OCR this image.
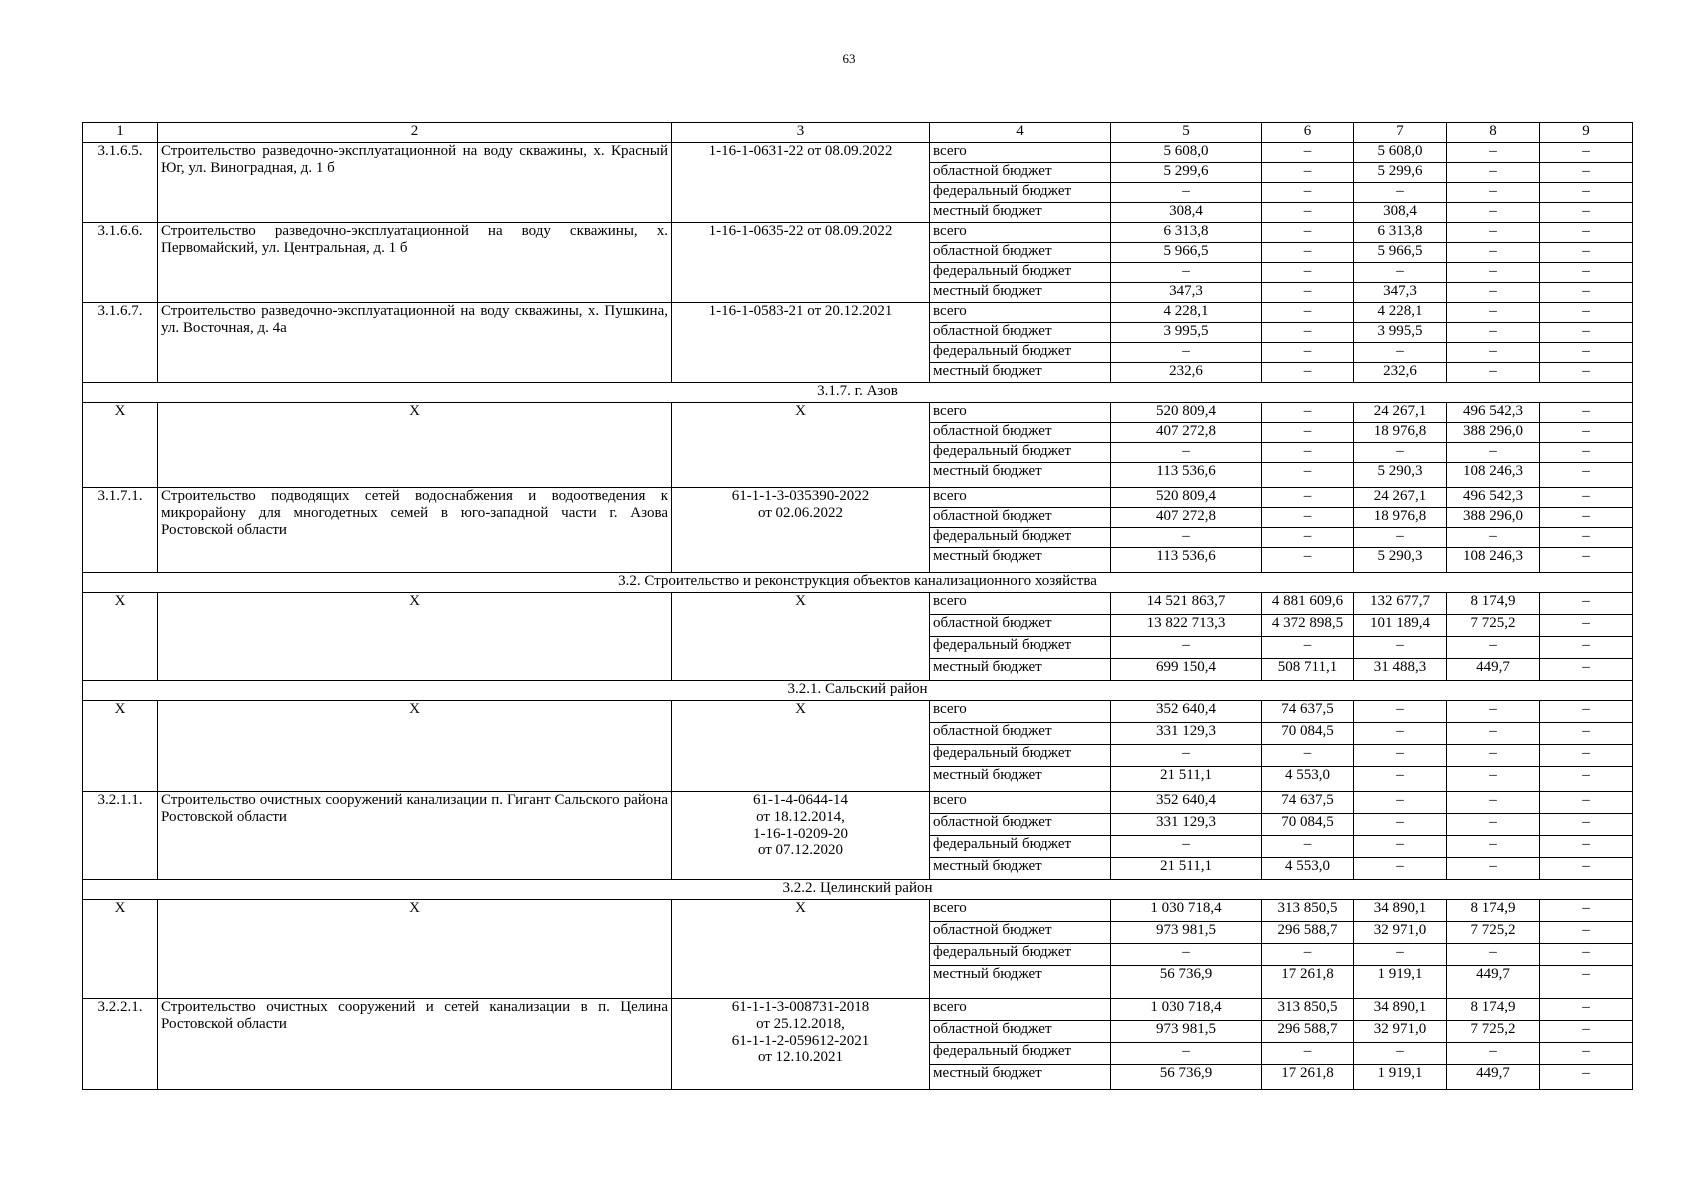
63
1	2	3	4	5	6	7	8	9
3.1.6.5.	Строительство разведочно-эксплуатационной на воду скважины, х. Красный Юг, ул. Виноградная, д. 1 б	1-16-1-0631-22 от 08.09.2022	всего	5 608,0	–	5 608,0	–	–
			областной бюджет	5 299,6	–	5 299,6	–	–
			федеральный бюджет	–	–	–	–	–
			местный бюджет	308,4	–	308,4	–	–
3.1.6.6.	Строительство разведочно-эксплуатационной на воду скважины, х. Первомайский, ул. Центральная, д. 1 б	1-16-1-0635-22 от 08.09.2022	всего	6 313,8	–	6 313,8	–	–
			областной бюджет	5 966,5	–	5 966,5	–	–
			федеральный бюджет	–	–	–	–	–
			местный бюджет	347,3	–	347,3	–	–
3.1.6.7.	Строительство разведочно-эксплуатационной на воду скважины, х. Пушкина, ул. Восточная, д. 4а	1-16-1-0583-21 от 20.12.2021	всего	4 228,1	–	4 228,1	–	–
			областной бюджет	3 995,5	–	3 995,5	–	–
			федеральный бюджет	–	–	–	–	–
			местный бюджет	232,6	–	232,6	–	–
3.1.7. г. Азов								
Х	Х	Х	всего	520 809,4	–	24 267,1	496 542,3	–
			областной бюджет	407 272,8	–	18 976,8	388 296,0	–
			федеральный бюджет	–	–	–	–	–
			местный бюджет	113 536,6	–	5 290,3	108 246,3	–
3.1.7.1.	Строительство подводящих сетей водоснабжения и водоотведения к микрорайону для многодетных семей в юго-западной части г. Азова Ростовской области	61-1-1-3-035390-2022
от 02.06.2022	всего	520 809,4	–	24 267,1	496 542,3	–
			областной бюджет	407 272,8	–	18 976,8	388 296,0	–
			федеральный бюджет	–	–	–	–	–
			местный бюджет	113 536,6	–	5 290,3	108 246,3	–
3.2. Строительство и реконструкция объектов канализационного хозяйства								
Х	Х	Х	всего	14 521 863,7	4 881 609,6	132 677,7	8 174,9	–
			областной бюджет	13 822 713,3	4 372 898,5	101 189,4	7 725,2	–
			федеральный бюджет	–	–	–	–	–
			местный бюджет	699 150,4	508 711,1	31 488,3	449,7	–
3.2.1. Сальский район								
Х	Х	Х	всего	352 640,4	74 637,5	–	–	–
			областной бюджет	331 129,3	70 084,5	–	–	–
			федеральный бюджет	–	–	–	–	–
			местный бюджет	21 511,1	4 553,0	–	–	–
3.2.1.1.	Строительство очистных сооружений канализации п. Гигант Сальского района Ростовской области	61-1-4-0644-14
от 18.12.2014,
1-16-1-0209-20
от 07.12.2020	всего	352 640,4	74 637,5	–	–	–
			областной бюджет	331 129,3	70 084,5	–	–	–
			федеральный бюджет	–	–	–	–	–
			местный бюджет	21 511,1	4 553,0	–	–	–
3.2.2. Целинский район								
Х	Х	Х	всего	1 030 718,4	313 850,5	34 890,1	8 174,9	–
			областной бюджет	973 981,5	296 588,7	32 971,0	7 725,2	–
			федеральный бюджет	–	–	–	–	–
			местный бюджет	56 736,9	17 261,8	1 919,1	449,7	–
3.2.2.1.	Строительство очистных сооружений и сетей канализации в п. Целина Ростовской области	61-1-1-3-008731-2018
от 25.12.2018,
61-1-1-2-059612-2021
от 12.10.2021	всего	1 030 718,4	313 850,5	34 890,1	8 174,9	–
			областной бюджет	973 981,5	296 588,7	32 971,0	7 725,2	–
			федеральный бюджет	–	–	–	–	–
			местный бюджет	56 736,9	17 261,8	1 919,1	449,7	–
